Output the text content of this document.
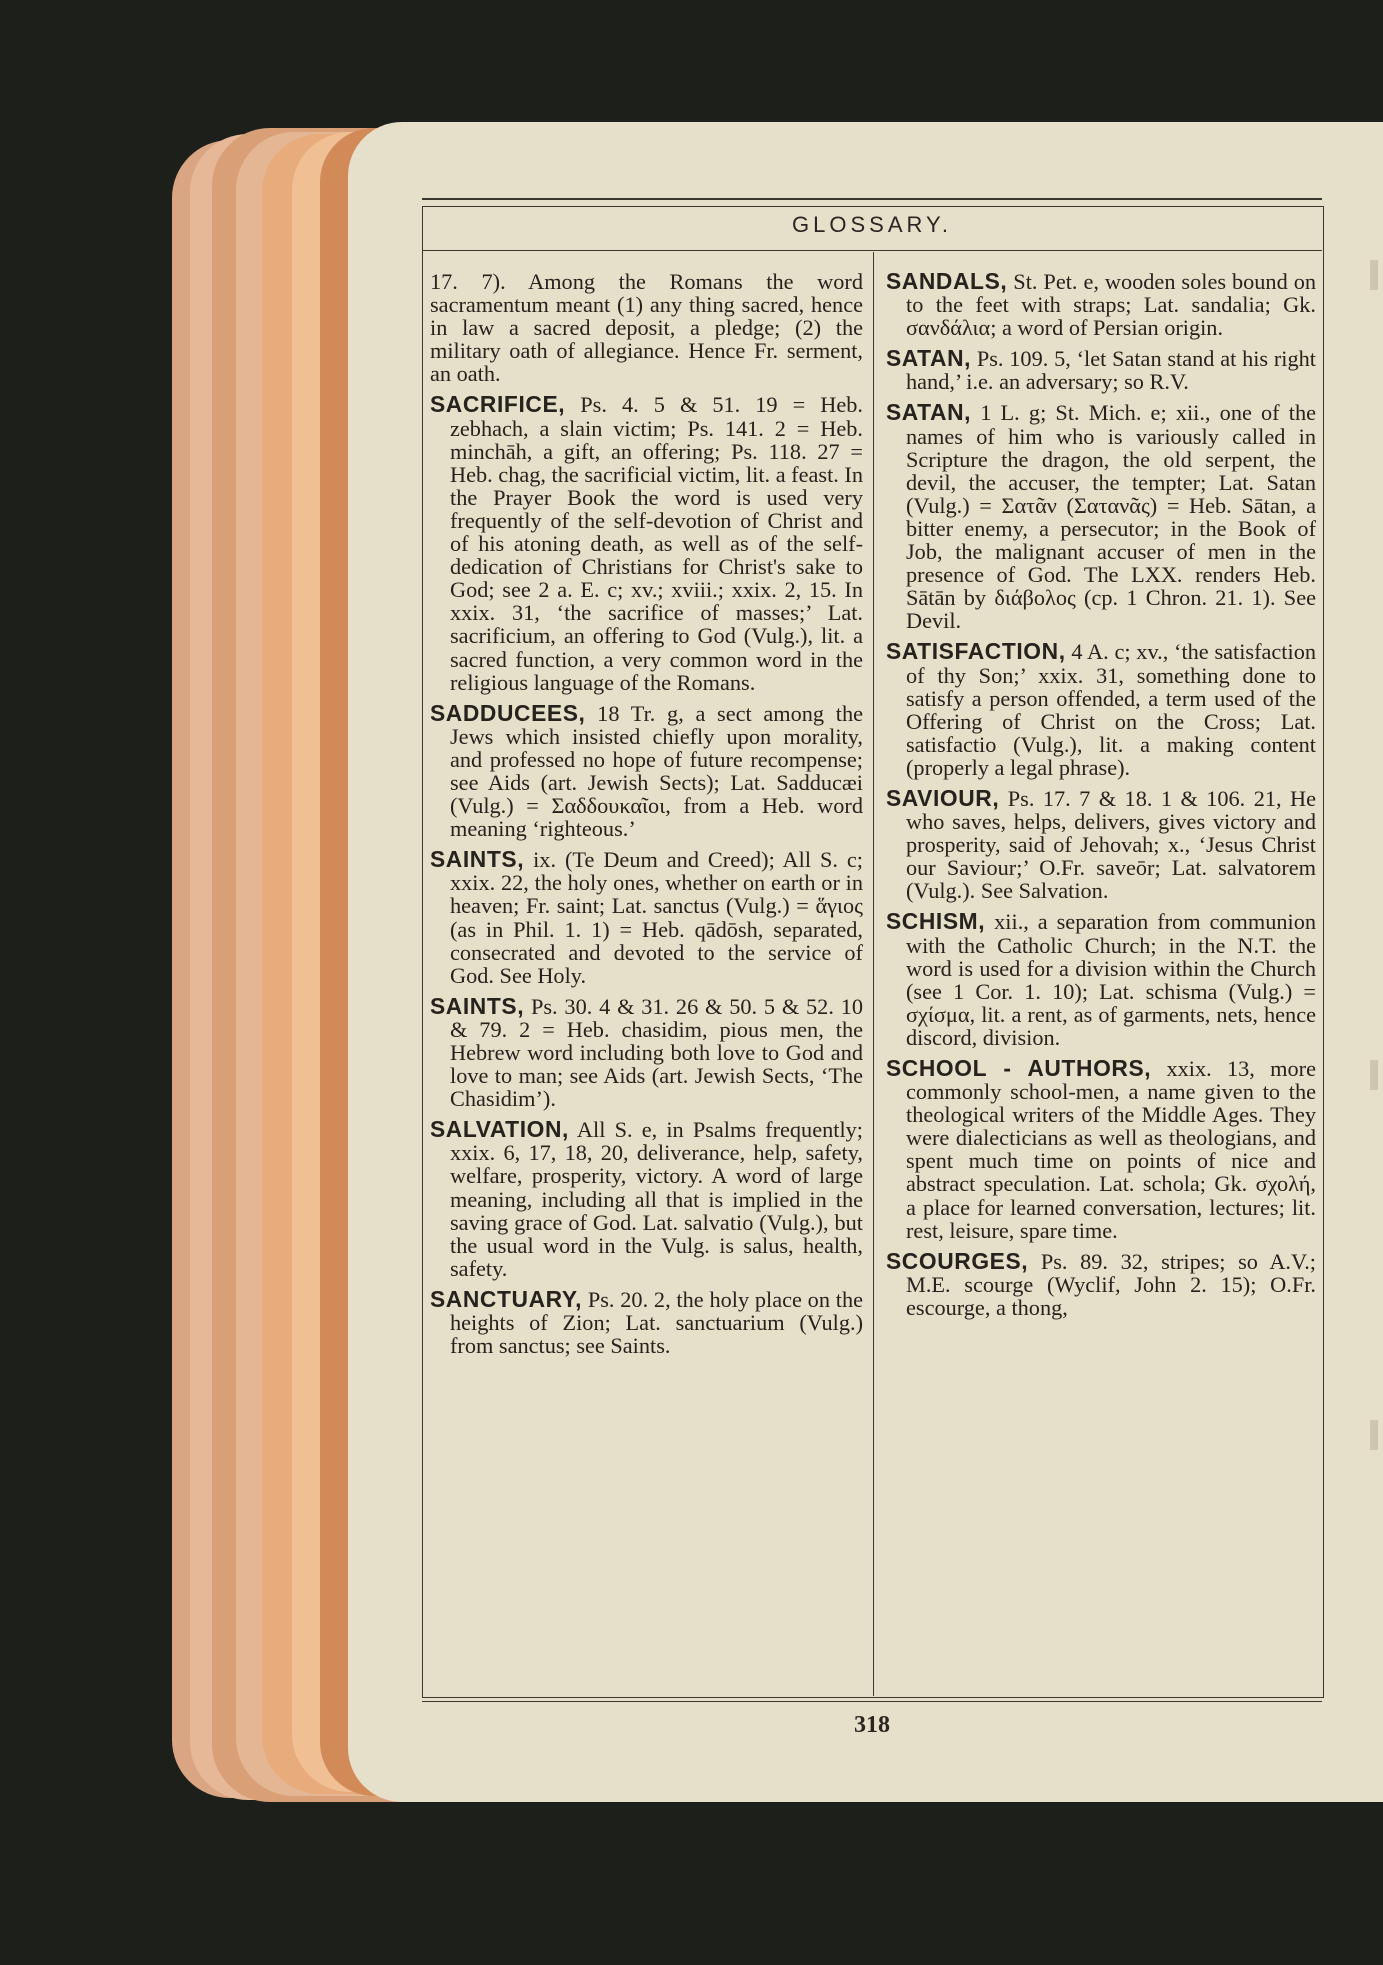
GLOSSARY.

17. 7). Among the Romans the word sacramentum meant (1) any thing sacred, hence in law a sacred deposit, a pledge; (2) the military oath of allegiance. Hence Fr. serment, an oath.

SACRIFICE, Ps. 4. 5 & 51. 19 = Heb. zebhach, a slain victim; Ps. 141. 2 = Heb. minchāh, a gift, an offering; Ps. 118. 27 = Heb. chag, the sacrificial victim, lit. a feast. In the Prayer Book the word is used very frequently of the self-devotion of Christ and of his atoning death, as well as of the self-dedication of Christians for Christ's sake to God; see 2 a. E. c; xv.; xviii.; xxix. 2, 15. In xxix. 31, ‘the sacrifice of masses;’ Lat. sacrificium, an offering to God (Vulg.), lit. a sacred function, a very common word in the religious language of the Romans.

SADDUCEES, 18 Tr. g, a sect among the Jews which insisted chiefly upon morality, and professed no hope of future recompense; see Aids (art. Jewish Sects); Lat. Sadducæi (Vulg.) = Σαδδουκαῖοι, from a Heb. word meaning ‘righteous.’

SAINTS, ix. (Te Deum and Creed); All S. c; xxix. 22, the holy ones, whether on earth or in heaven; Fr. saint; Lat. sanctus (Vulg.) = ἅγιος (as in Phil. 1. 1) = Heb. qādōsh, separated, consecrated and devoted to the service of God. See Holy.

SAINTS, Ps. 30. 4 & 31. 26 & 50. 5 & 52. 10 & 79. 2 = Heb. chasidim, pious men, the Hebrew word including both love to God and love to man; see Aids (art. Jewish Sects, ‘The Chasidim’).

SALVATION, All S. e, in Psalms frequently; xxix. 6, 17, 18, 20, deliverance, help, safety, welfare, prosperity, victory. A word of large meaning, including all that is implied in the saving grace of God. Lat. salvatio (Vulg.), but the usual word in the Vulg. is salus, health, safety.

SANCTUARY, Ps. 20. 2, the holy place on the heights of Zion; Lat. sanctuarium (Vulg.) from sanctus; see Saints.

SANDALS, St. Pet. e, wooden soles bound on to the feet with straps; Lat. sandalia; Gk. σανδάλια; a word of Persian origin.

SATAN, Ps. 109. 5, ‘let Satan stand at his right hand,’ i.e. an adversary; so R.V.

SATAN, 1 L. g; St. Mich. e; xii., one of the names of him who is variously called in Scripture the dragon, the old serpent, the devil, the accuser, the tempter; Lat. Satan (Vulg.) = Σατᾶν (Σατανᾶς) = Heb. Sātan, a bitter enemy, a persecutor; in the Book of Job, the malignant accuser of men in the presence of God. The LXX. renders Heb. Sātān by διάβολος (cp. 1 Chron. 21. 1). See Devil.

SATISFACTION, 4 A. c; xv., ‘the satisfaction of thy Son;’ xxix. 31, something done to satisfy a person offended, a term used of the Offering of Christ on the Cross; Lat. satisfactio (Vulg.), lit. a making content (properly a legal phrase).

SAVIOUR, Ps. 17. 7 & 18. 1 & 106. 21, He who saves, helps, delivers, gives victory and prosperity, said of Jehovah; x., ‘Jesus Christ our Saviour;’ O.Fr. saveōr; Lat. salvatorem (Vulg.). See Salvation.

SCHISM, xii., a separation from communion with the Catholic Church; in the N.T. the word is used for a division within the Church (see 1 Cor. 1. 10); Lat. schisma (Vulg.) = σχίσμα, lit. a rent, as of garments, nets, hence discord, division.

SCHOOL - AUTHORS, xxix. 13, more commonly school-men, a name given to the theological writers of the Middle Ages. They were dialecticians as well as theologians, and spent much time on points of nice and abstract speculation. Lat. schola; Gk. σχολή, a place for learned conversation, lectures; lit. rest, leisure, spare time.

SCOURGES, Ps. 89. 32, stripes; so A.V.; M.E. scourge (Wyclif, John 2. 15); O.Fr. escourge, a thong,

318
